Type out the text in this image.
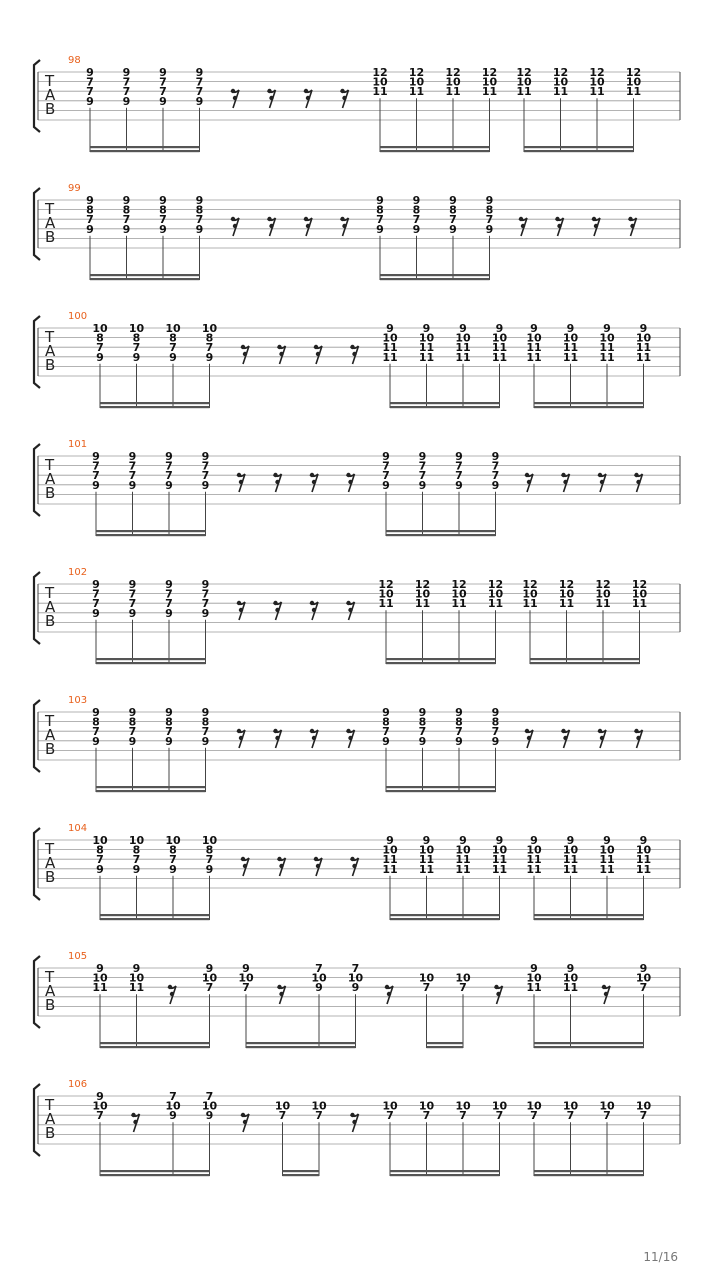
98
T
A
B
9
7
7
9
9
7
7
9
9
7
7
9
9
7
7
9
12
10
11
12
10
11
12
10
11
12
10
11
12
10
11
12
10
11
12
10
11
12
10
11
99
T
A
B
9
8
7
9
9
8
7
9
9
8
7
9
9
8
7
9
9
8
7
9
9
8
7
9
9
8
7
9
9
8
7
9
100
T
A
B
10
8
7
9
10
8
7
9
10
8
7
9
10
8
7
9
9
10
11
11
9
10
11
11
9
10
11
11
9
10
11
11
9
10
11
11
9
10
11
11
9
10
11
11
9
10
11
11
101
T
A
B
9
7
7
9
9
7
7
9
9
7
7
9
9
7
7
9
9
7
7
9
9
7
7
9
9
7
7
9
9
7
7
9
102
T
A
B
9
7
7
9
9
7
7
9
9
7
7
9
9
7
7
9
12
10
11
12
10
11
12
10
11
12
10
11
12
10
11
12
10
11
12
10
11
12
10
11
103
T
A
B
9
8
7
9
9
8
7
9
9
8
7
9
9
8
7
9
9
8
7
9
9
8
7
9
9
8
7
9
9
8
7
9
104
T
A
B
10
8
7
9
10
8
7
9
10
8
7
9
10
8
7
9
9
10
11
11
9
10
11
11
9
10
11
11
9
10
11
11
9
10
11
11
9
10
11
11
9
10
11
11
9
10
11
11
105
T
A
B
9
10
11
9
10
11
9
10
7
9
10
7
7
10
9
7
10
9
10
7
10
7
9
10
11
9
10
11
9
10
7
106
T
A
B
9
10
7
7
10
9
7
10
9
10
7
10
7
10
7
10
7
10
7
10
7
10
7
10
7
10
7
10
7
11/16
